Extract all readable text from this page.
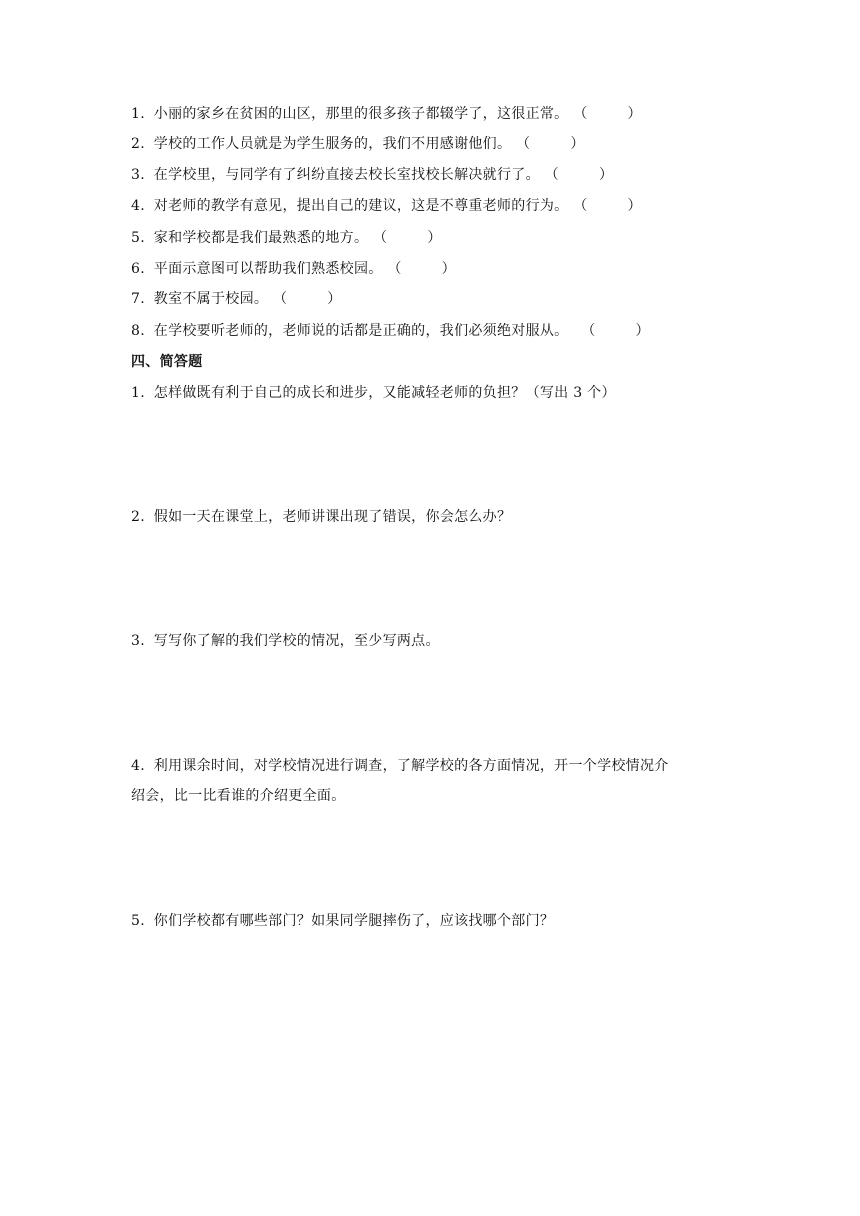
1. 小丽的家乡在贫困的山区，那里的很多孩子都辍学了，这很正常。 （	）
2. 学校的工作人员就是为学生服务的，我们不用感谢他们。 （	）
3. 在学校里，与同学有了纠纷直接去校长室找校长解决就行了。 （	）
4. 对老师的教学有意见，提出自己的建议，这是不尊重老师的行为。 （	）
5. 家和学校都是我们最熟悉的地方。 （	）
6. 平面示意图可以帮助我们熟悉校园。 （	）
7. 教室不属于校园。 （	）
8. 在学校要听老师的，老师说的话都是正确的，我们必须绝对服从。 （	）
四、简答题
1. 怎样做既有利于自己的成长和进步，又能减轻老师的负担？（写出 3 个）
2. 假如一天在课堂上，老师讲课出现了错误，你会怎么办？
3. 写写你了解的我们学校的情况，至少写两点。
4. 利用课余时间，对学校情况进行调查，了解学校的各方面情况，开一个学校情况介
绍会，比一比看谁的介绍更全面。
5. 你们学校都有哪些部门？如果同学腿摔伤了，应该找哪个部门？
